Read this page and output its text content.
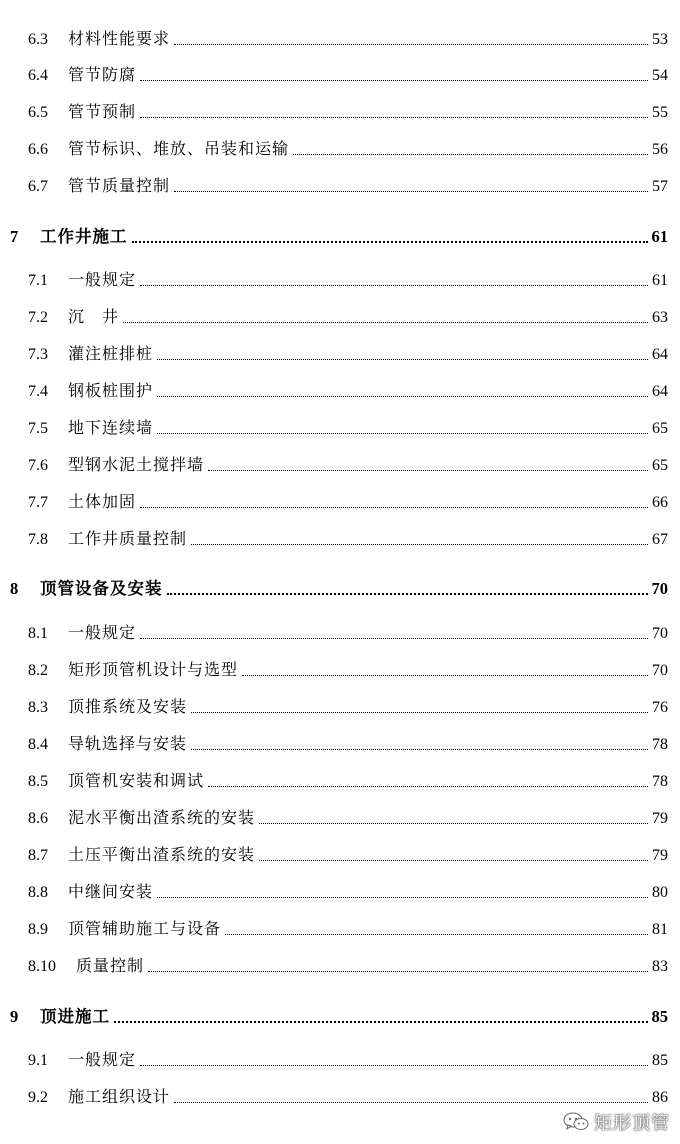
6.3	材料性能要求	53
6.4	管节防腐	54
6.5	管节预制	55
6.6	管节标识、堆放、吊装和运输	56
6.7	管节质量控制	57
7	工作井施工	61
7.1	一般规定	61
7.2	沉　井	63
7.3	灌注桩排桩	64
7.4	钢板桩围护	64
7.5	地下连续墙	65
7.6	型钢水泥土搅拌墙	65
7.7	土体加固	66
7.8	工作井质量控制	67
8	顶管设备及安装	70
8.1	一般规定	70
8.2	矩形顶管机设计与选型	70
8.3	顶推系统及安装	76
8.4	导轨选择与安装	78
8.5	顶管机安装和调试	78
8.6	泥水平衡出渣系统的安装	79
8.7	土压平衡出渣系统的安装	79
8.8	中继间安装	80
8.9	顶管辅助施工与设备	81
8.10	质量控制	83
9	顶进施工	85
9.1	一般规定	85
9.2	施工组织设计	86
矩形顶管
